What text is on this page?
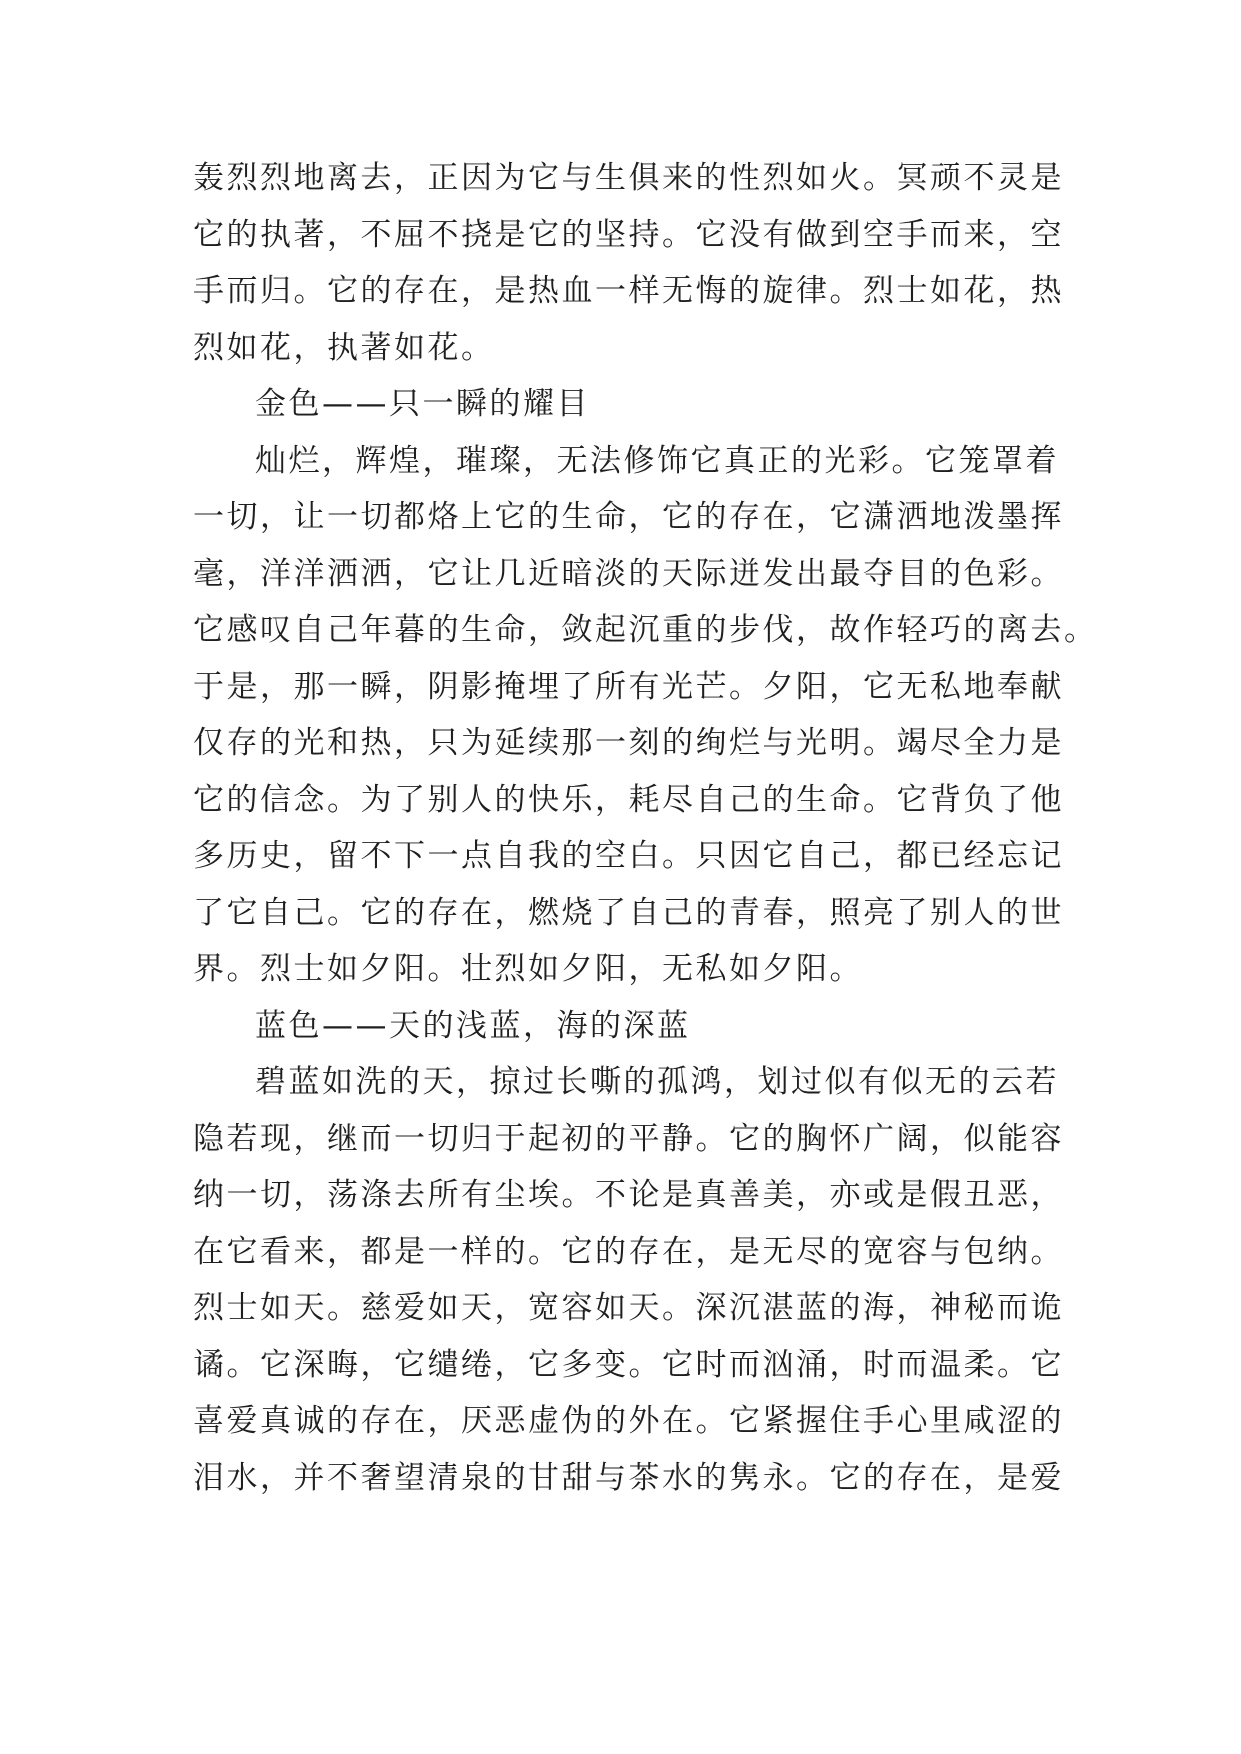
轰烈烈地离去，正因为它与生俱来的性烈如火。冥顽不灵是
它的执著，不屈不挠是它的坚持。它没有做到空手而来，空
手而归。它的存在，是热血一样无悔的旋律。烈士如花，热
烈如花，执著如花。
金色——只一瞬的耀目
灿烂，辉煌，璀璨，无法修饰它真正的光彩。它笼罩着
一切，让一切都烙上它的生命，它的存在，它潇洒地泼墨挥
毫，洋洋洒洒，它让几近暗淡的天际迸发出最夺目的色彩。
它感叹自己年暮的生命，敛起沉重的步伐，故作轻巧的离去。
于是，那一瞬，阴影掩埋了所有光芒。夕阳，它无私地奉献
仅存的光和热，只为延续那一刻的绚烂与光明。竭尽全力是
它的信念。为了别人的快乐，耗尽自己的生命。它背负了他
多历史，留不下一点自我的空白。只因它自己，都已经忘记
了它自己。它的存在，燃烧了自己的青春，照亮了别人的世
界。烈士如夕阳。壮烈如夕阳，无私如夕阳。
蓝色——天的浅蓝，海的深蓝
碧蓝如洗的天，掠过长嘶的孤鸿，划过似有似无的云若
隐若现，继而一切归于起初的平静。它的胸怀广阔，似能容
纳一切，荡涤去所有尘埃。不论是真善美，亦或是假丑恶，
在它看来，都是一样的。它的存在，是无尽的宽容与包纳。
烈士如天。慈爱如天，宽容如天。深沉湛蓝的海，神秘而诡
谲。它深晦，它缱绻，它多变。它时而汹涌，时而温柔。它
喜爱真诚的存在，厌恶虚伪的外在。它紧握住手心里咸涩的
泪水，并不奢望清泉的甘甜与茶水的隽永。它的存在，是爱
